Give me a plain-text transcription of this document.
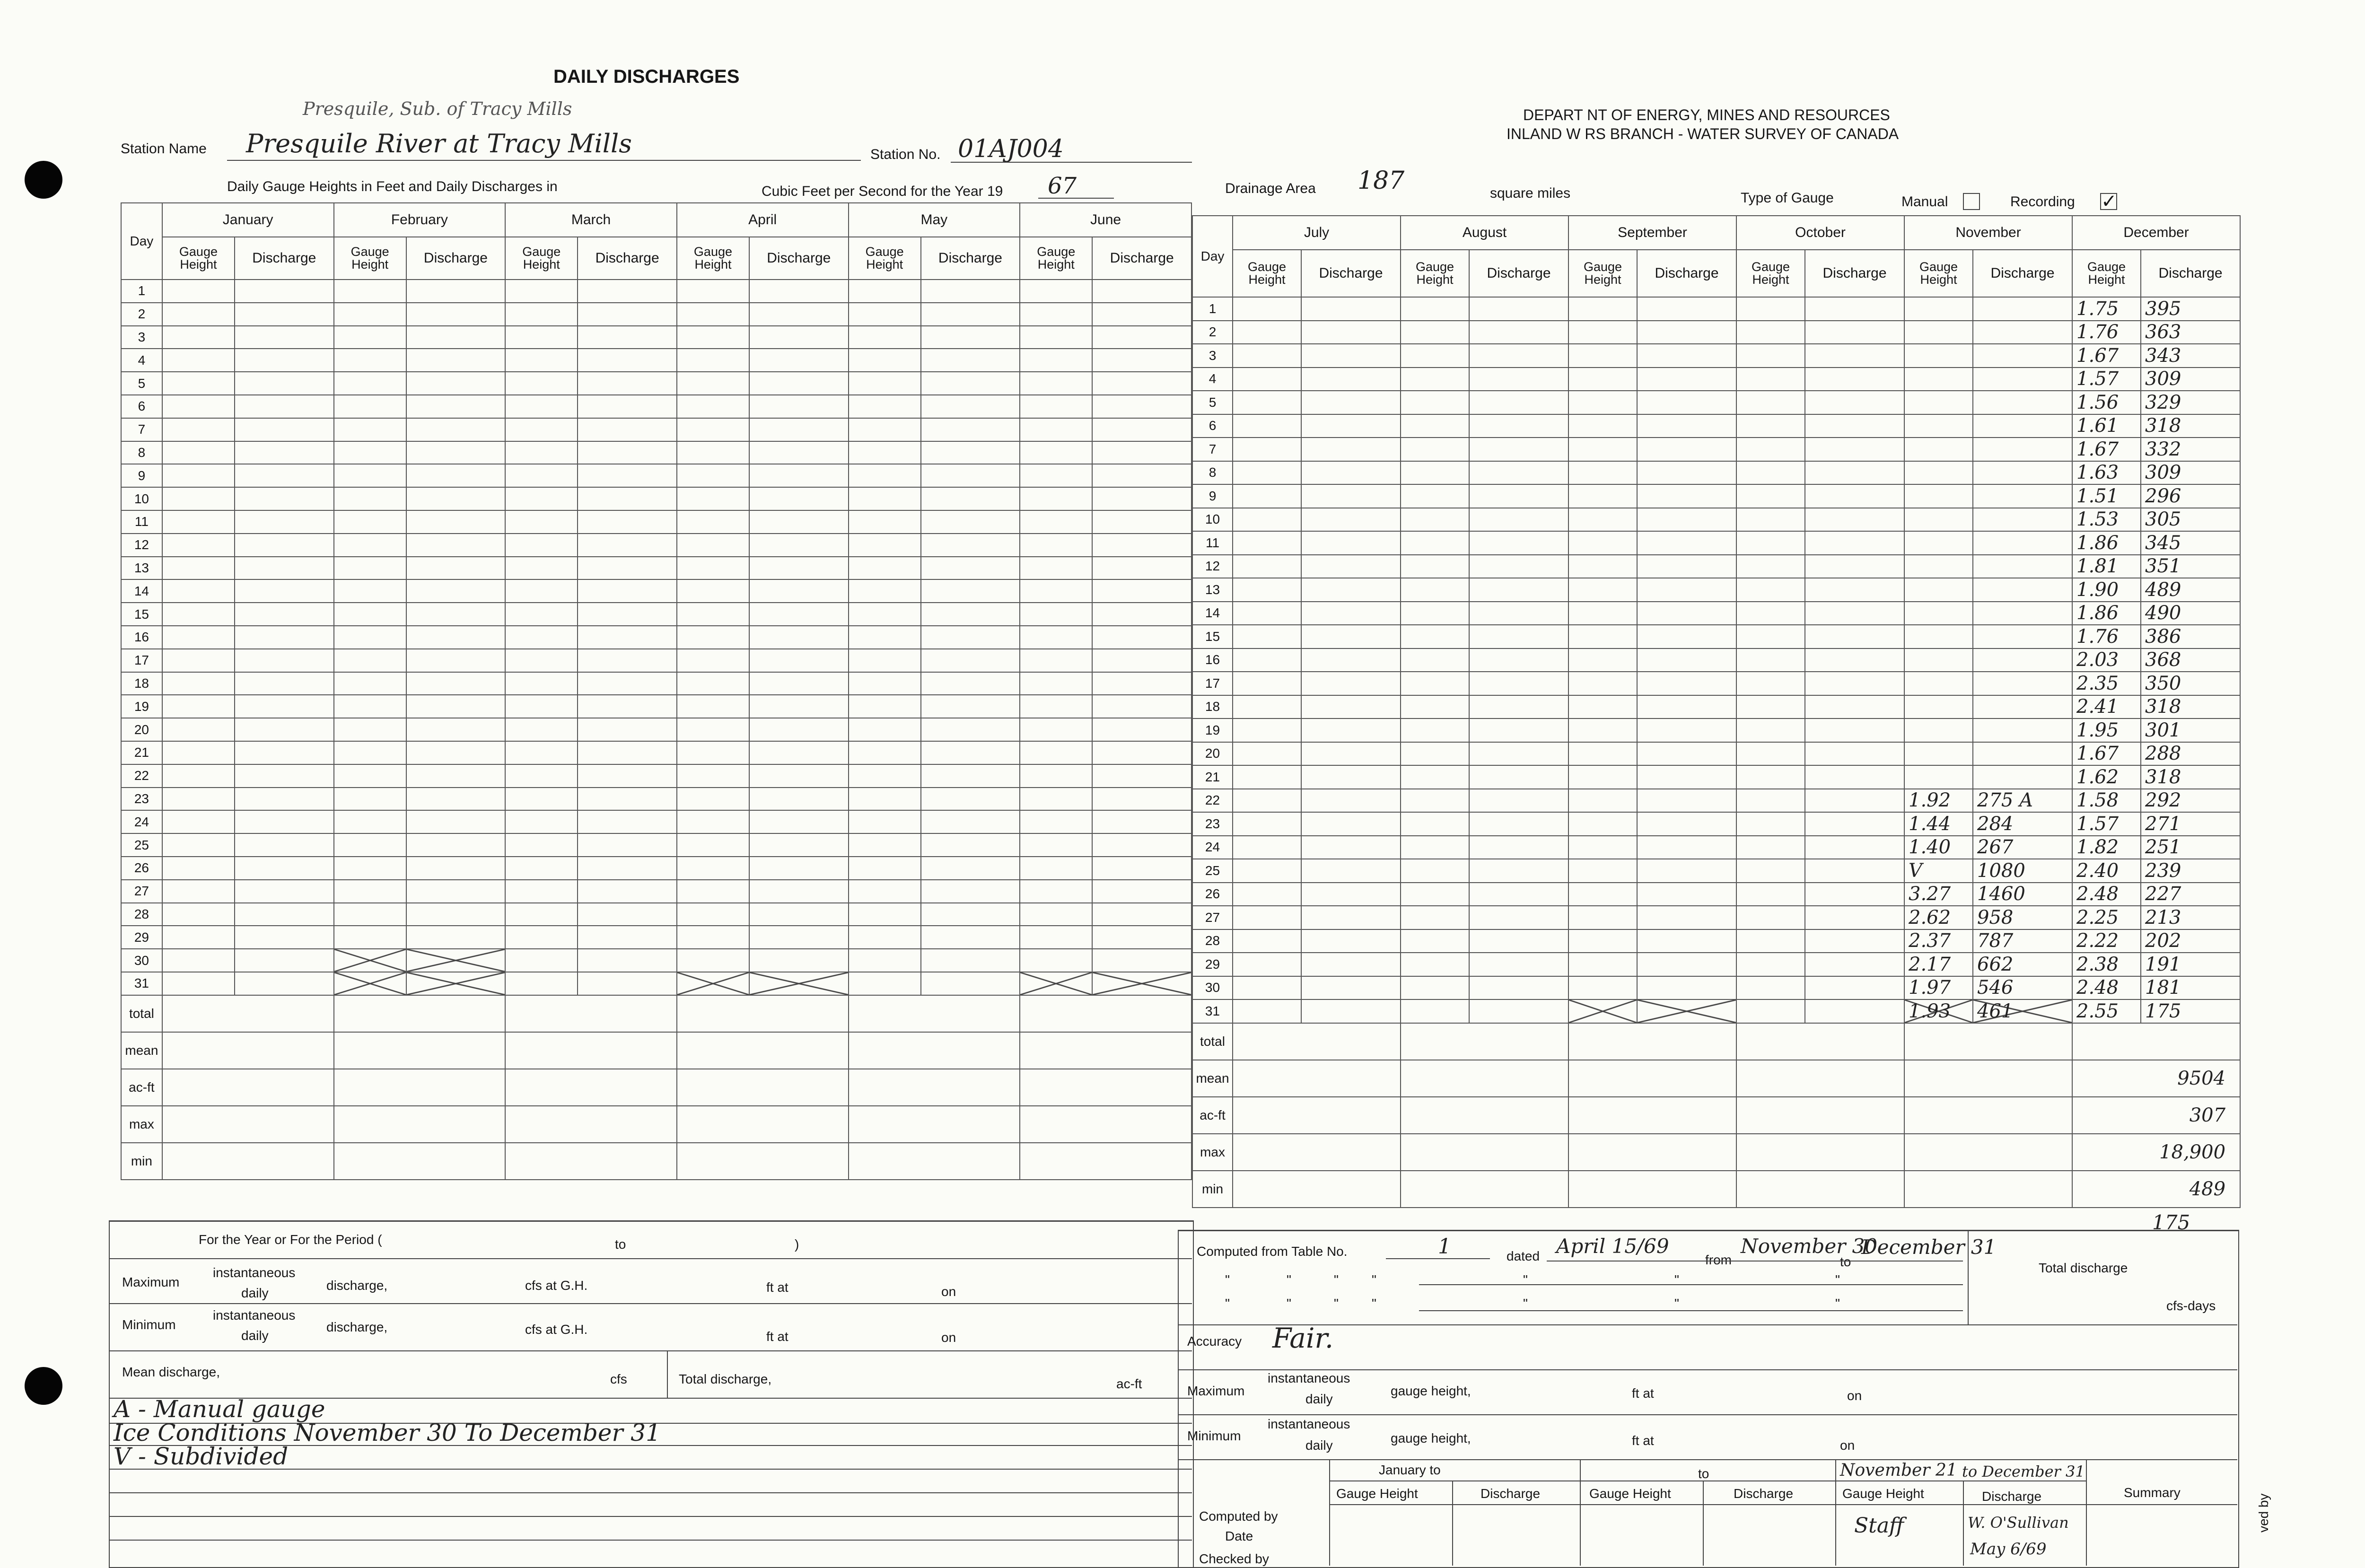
DAILY DISCHARGES
DEPART NT OF ENERGY, MINES AND RESOURCES
INLAND W RS BRANCH - WATER SURVEY OF CANADA
Presquile, Sub. of Tracy Mills
Station Name Presquile River at Tracy Mills	Station No. 01AJ004
Daily Gauge Heights in Feet and Daily Discharges in	Cubic Feet per Second for the Year 19 67	Drainage Area 187	square miles	Type of Gauge	Manual	Recording ✓
Day	January		February		March		April		May		June	
	Gauge Height	Discharge	Gauge Height	Discharge	Gauge Height	Discharge	Gauge Height	Discharge	Gauge Height	Discharge	Gauge Height	Discharge
1												
2												
3												
4												
5												
6												
7												
8												
9												
10												
11												
12												
13												
14												
15												
16												
17												
18												
19												
20												
21												
22												
23												
24												
25												
26												
27												
28												
29												
30												
31												
total												
mean												
ac-ft												
max												
min												
Day	July		August		September		October		November		December	
	Gauge Height	Discharge	Gauge Height	Discharge	Gauge Height	Discharge	Gauge Height	Discharge	Gauge Height	Discharge	Gauge Height	Discharge
1											1.75	395
2											1.76	363
3											1.67	343
4											1.57	309
5											1.56	329
6											1.61	318
7											1.67	332
8											1.63	309
9											1.51	296
10											1.53	305
11											1.86	345
12											1.81	351
13											1.90	489
14											1.86	490
15											1.76	386
16											2.03	368
17											2.35	350
18											2.41	318
19											1.95	301
20											1.67	288
21											1.62	318
22									1.92	275 A	1.58	292
23									1.44	284	1.57	271
24									1.40	267	1.82	251
25									V	1080	2.40	239
26									3.27	1460	2.48	227
27									2.62	958	2.25	213
28									2.37	787	2.22	202
29									2.17	662	2.38	191
30									1.97	546	2.48	181
31									1.93	461	2.55	175
total												
mean											9504	
ac-ft											307	
max											18,900	
min											489	
For the Year or For the Period (	to	)
Maximum
instantaneous
daily
discharge,	cfs at G.H.	ft at	on
Minimum
instantaneous
daily
discharge,	cfs at G.H.	ft at	on
Mean discharge,	cfs	Total discharge,	ac-ft
A - Manual gauge
Ice Conditions November 30 To December 31
V - Subdivided
Computed from Table No.	1	dated April 15/69
from
November 30
to
December 31
Total discharge
cfs-days
"	"	"	"	"	"	"
"	"	"	"	"	"	"
Accuracy Fair.
Maximum
instantaneous
daily
gauge height,	ft at	on
Minimum
instantaneous
daily	gauge height,	ft at	on
January to	to	November 21 to December 31
Gauge Height	Discharge	Gauge Height	Discharge	Gauge Height	Discharge	Summary
Computed by
Date
Checked by
Staff	W. O'Sullivan
May 6/69
ved by
175
